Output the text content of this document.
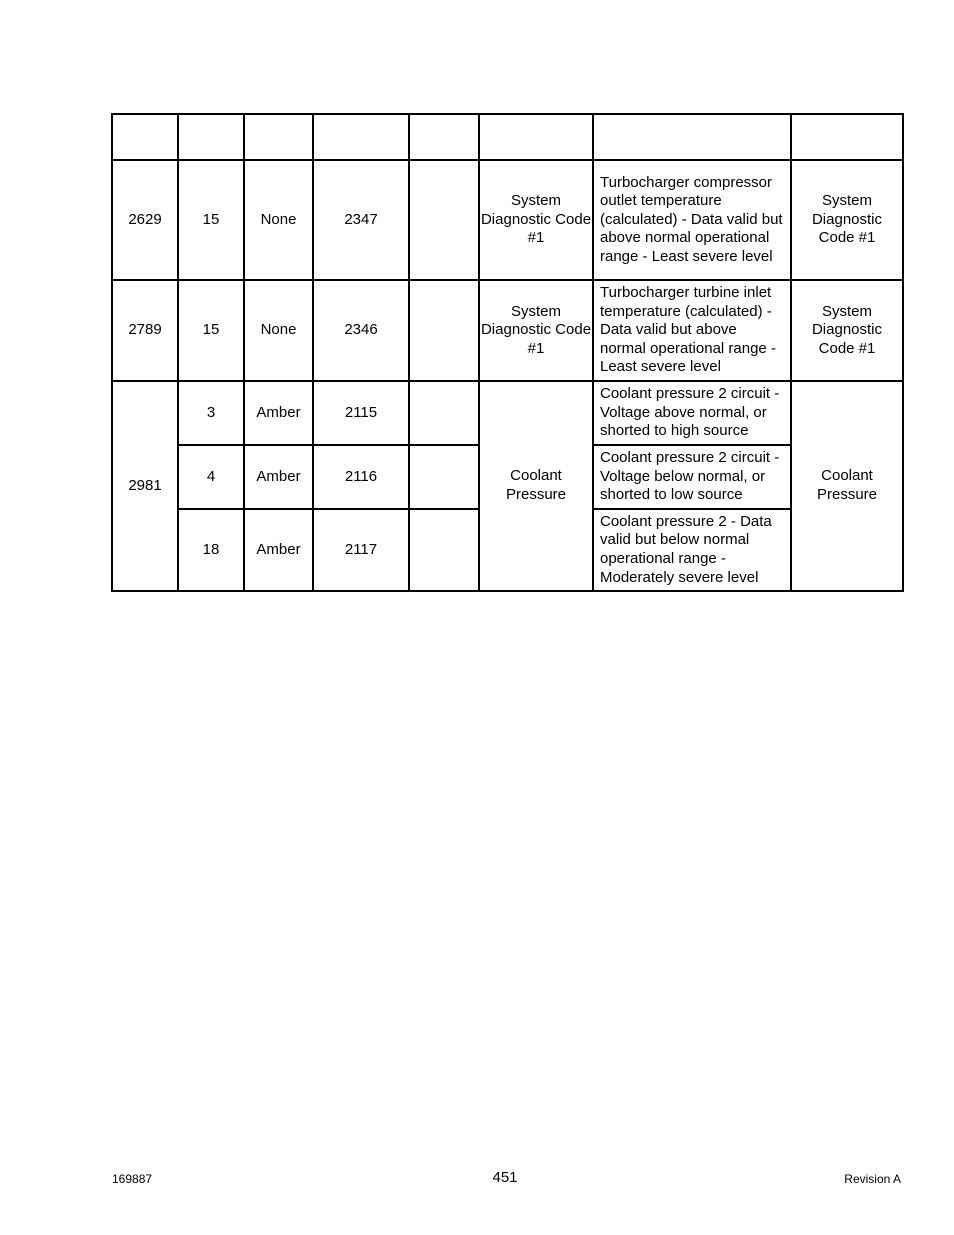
2629	15	None	2347		System Diagnostic Code #1	Turbocharger compressor outlet temperature (calculated) - Data valid but above normal operational range - Least severe level	System Diagnostic Code #1
2789	15	None	2346		System Diagnostic Code #1	Turbocharger turbine inlet temperature (calculated) - Data valid but above normal operational range - Least severe level	System Diagnostic Code #1
2981	3	Amber	2115		Coolant Pressure	Coolant pressure 2 circuit - Voltage above normal, or shorted to high source	Coolant Pressure
	4	Amber	2116			Coolant pressure 2 circuit - Voltage below normal, or shorted to low source	
	18	Amber	2117			Coolant pressure 2 - Data valid but below normal operational range - Moderately severe level	
169887	451	Revision A
